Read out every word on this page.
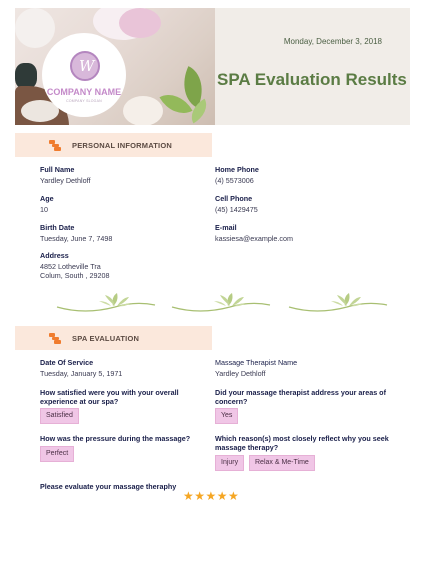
W
COMPANY NAME
COMPANY SLOGAN
Monday, December 3, 2018
SPA Evaluation Results
PERSONAL INFORMATION
Full Name
Yardley Dethloff
Home Phone
(4) 5573006
Age
10
Cell Phone
(45) 1429475
Birth Date
Tuesday, June 7, 7498
E-mail
kassiesa@example.com
Address
4852 Lotheville Tra
Colum, South , 29208
SPA EVALUATION
Date Of Service
Tuesday, January 5, 1971
Massage Therapist Name
Yardley Dethloff
How satisfied were you with your overall experience at our spa?
Satisfied
Did your massage therapist address your areas of concern?
Yes
How was the pressure during the massage?
Perfect
Which reason(s) most closely reflect why you seek massage therapy?
Injury	Relax & Me-Time
Please evaluate your massage theraphy
★★★★★
